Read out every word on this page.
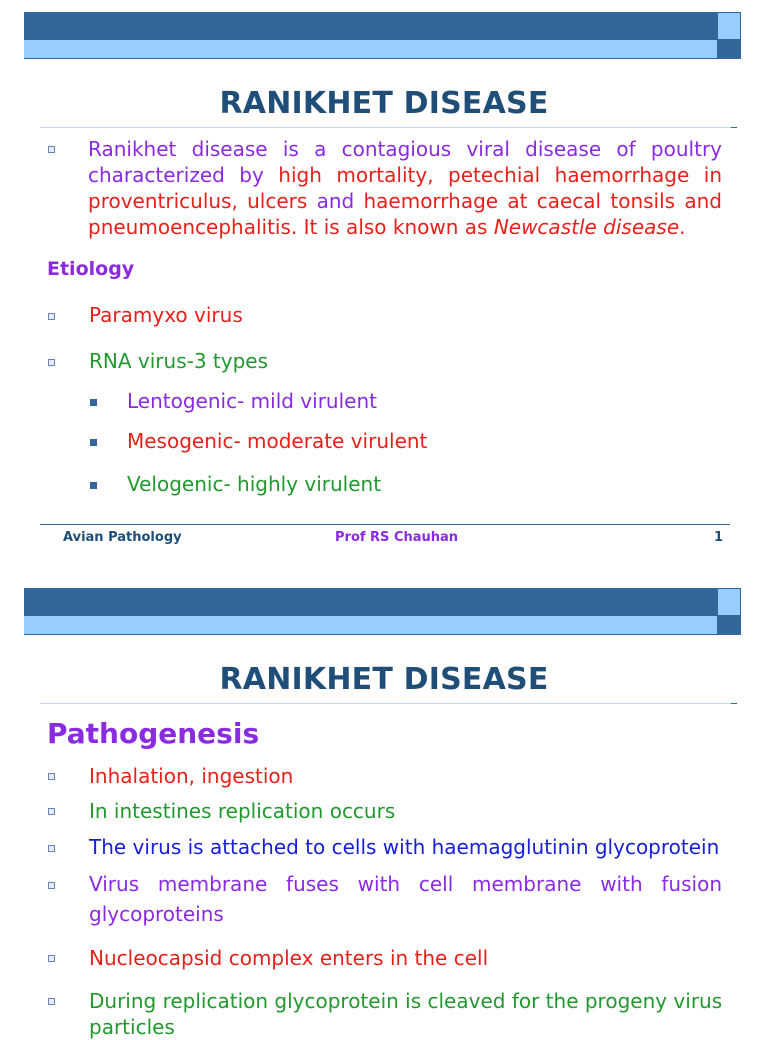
RANIKHET DISEASE
Ranikhet disease is a contagious viral disease of poultry characterized by high mortality, petechial haemorrhage in proventriculus, ulcers and haemorrhage at caecal tonsils and pneumoencephalitis. It is also known as Newcastle disease.
Etiology
Paramyxo virus
RNA virus-3 types
Lentogenic- mild virulent
Mesogenic- moderate virulent
Velogenic- highly virulent
Avian Pathology	Prof RS Chauhan	1
RANIKHET DISEASE
Pathogenesis
Inhalation, ingestion
In intestines replication occurs
The virus is attached to cells with haemagglutinin glycoprotein
Virus membrane fuses with cell membrane with fusion
glycoproteins
Nucleocapsid complex enters in the cell
During replication glycoprotein is cleaved for the progeny virus
particles
